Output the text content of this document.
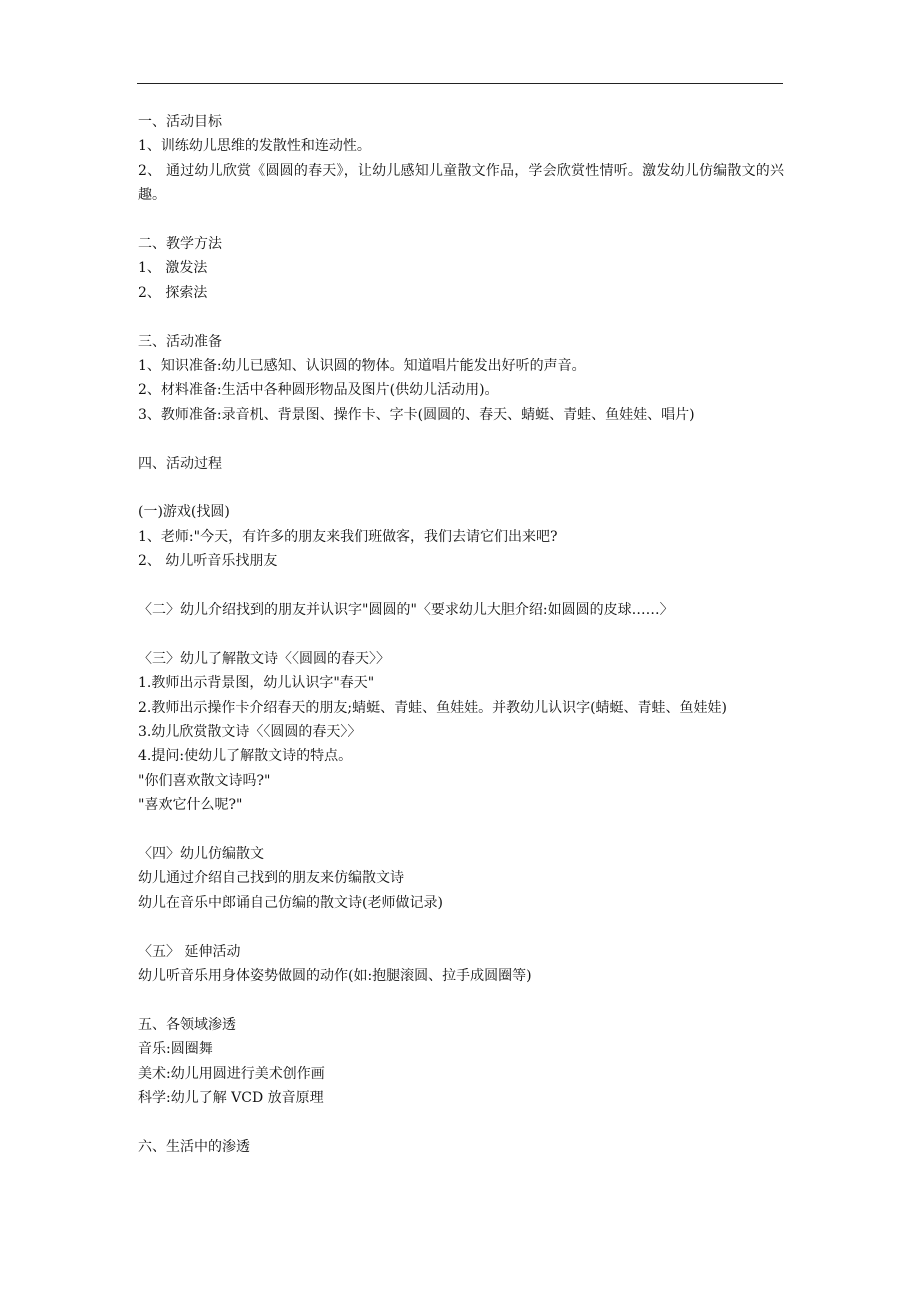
一、活动目标
1、训练幼儿思维的发散性和连动性。
2、 通过幼儿欣赏《圆圆的春天》，让幼儿感知儿童散文作品，学会欣赏性情听。激发幼儿仿编散文的兴趣。
二、教学方法
1、 激发法
2、 探索法
三、活动准备
1、知识准备:幼儿已感知、认识圆的物体。知道唱片能发出好听的声音。
2、材料准备:生活中各种圆形物品及图片(供幼儿活动用)。
3、教师准备:录音机、背景图、操作卡、字卡(圆圆的、春天、蜻蜓、青蛙、鱼娃娃、唱片)
四、活动过程
(一)游戏(找圆)
1、老师:"今天，有许多的朋友来我们班做客，我们去请它们出来吧?
2、 幼儿听音乐找朋友
〈二〉幼儿介绍找到的朋友并认识字"圆圆的"〈要求幼儿大胆介绍:如圆圆的皮球……〉
〈三〉幼儿了解散文诗〈〈圆圆的春天〉〉
1.教师出示背景图，幼儿认识字"春天"
2.教师出示操作卡介绍春天的朋友;蜻蜓、青蛙、鱼娃娃。并教幼儿认识字(蜻蜓、青蛙、鱼娃娃)
3.幼儿欣赏散文诗〈〈圆圆的春天〉〉
4.提问:使幼儿了解散文诗的特点。
"你们喜欢散文诗吗?"
"喜欢它什么呢?"
〈四〉幼儿仿编散文
幼儿通过介绍自己找到的朋友来仿编散文诗
幼儿在音乐中郎诵自己仿编的散文诗(老师做记录)
〈五〉 延伸活动
幼儿听音乐用身体姿势做圆的动作(如:抱腿滚圆、拉手成圆圈等)
五、各领域渗透
音乐:圆圈舞
美术:幼儿用圆进行美术创作画
科学:幼儿了解 VCD 放音原理
六、生活中的渗透
